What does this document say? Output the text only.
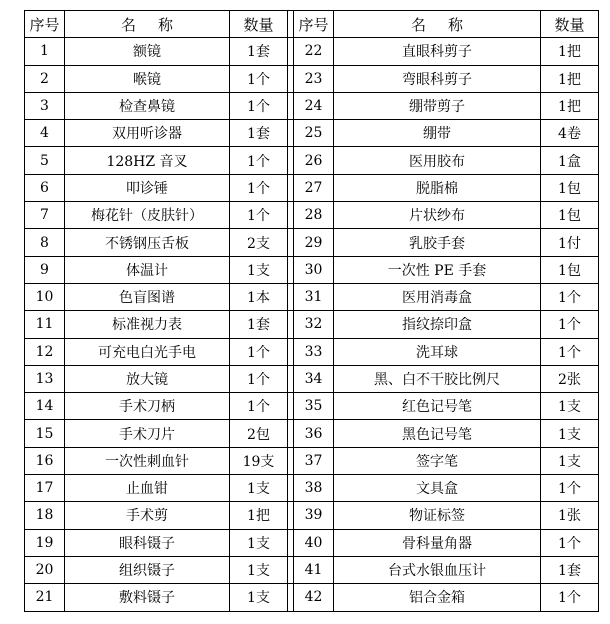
序号	名称	数量		序号	名称	数量
1	额镜	1套		22	直眼科剪子	1把
2	喉镜	1个		23	弯眼科剪子	1把
3	检查鼻镜	1个		24	绷带剪子	1把
4	双用听诊器	1套		25	绷带	4卷
5	128HZ 音叉	1个		26	医用胶布	1盒
6	叩诊锤	1个		27	脱脂棉	1包
7	梅花针（皮肤针）	1个		28	片状纱布	1包
8	不锈钢压舌板	2支		29	乳胶手套	1付
9	体温计	1支		30	一次性 PE 手套	1包
10	色盲图谱	1本		31	医用消毒盒	1个
11	标准视力表	1套		32	指纹捺印盒	1个
12	可充电白光手电	1个		33	洗耳球	1个
13	放大镜	1个		34	黑、白不干胶比例尺	2张
14	手术刀柄	1个		35	红色记号笔	1支
15	手术刀片	2包		36	黑色记号笔	1支
16	一次性刺血针	19支		37	签字笔	1支
17	止血钳	1支		38	文具盒	1个
18	手术剪	1把		39	物证标签	1张
19	眼科镊子	1支		40	骨科量角器	1个
20	组织镊子	1支		41	台式水银血压计	1套
21	敷料镊子	1支		42	铝合金箱	1个
